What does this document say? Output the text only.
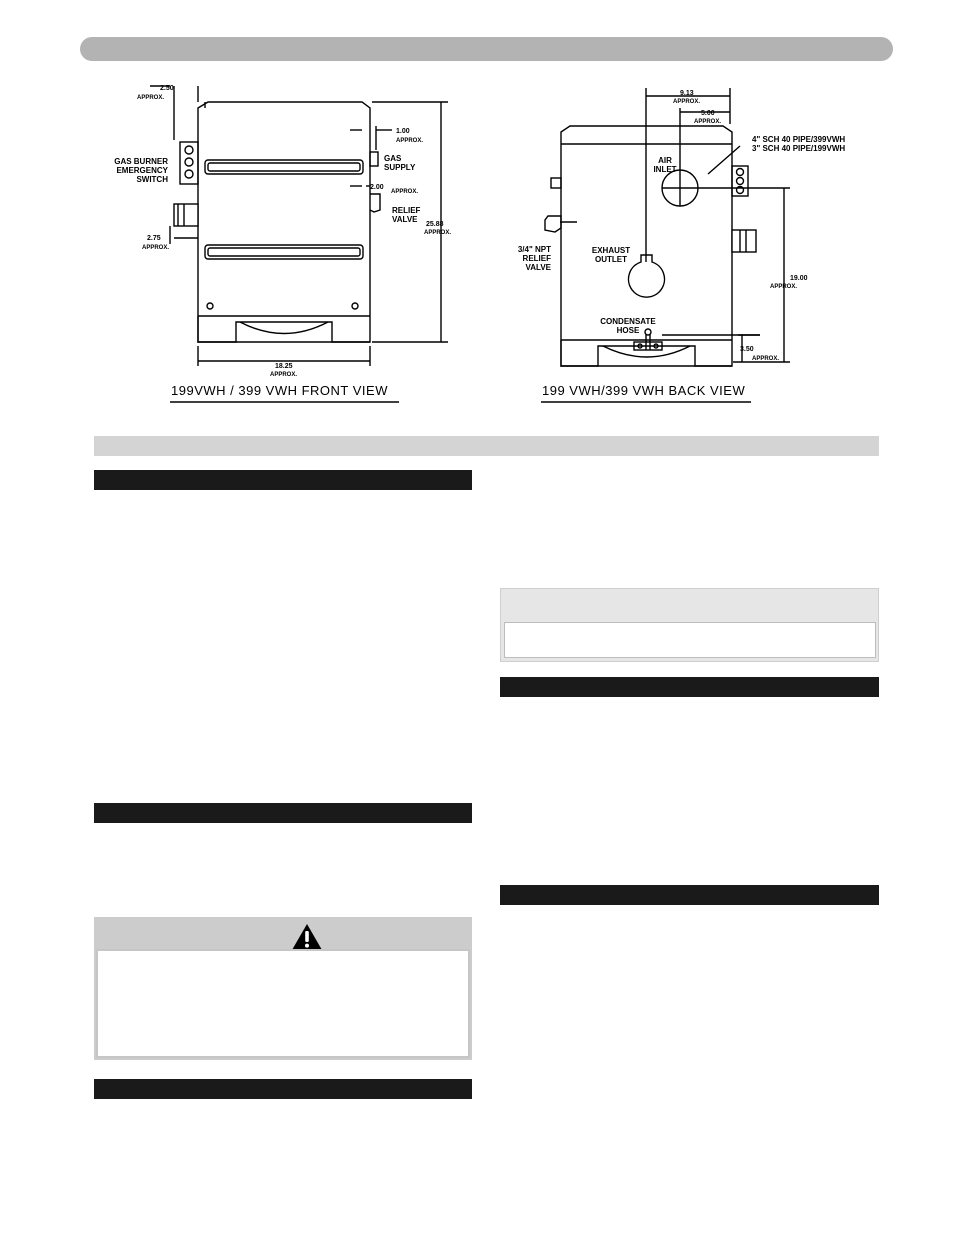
2.50
APPROX.
GAS BURNER
EMERGENCY
SWITCH
2.75
APPROX.
1.00
APPROX.
GAS
SUPPLY
2.00
APPROX.
RELIEF
VALVE
25.88
APPROX.
18.25
APPROX.
199VWH / 399 VWH FRONT VIEW
9.13
APPROX.
5.00
APPROX.
4" SCH 40 PIPE/399VWH
3" SCH 40 PIPE/199VWH
AIR
INLET
3/4" NPT
RELIEF
VALVE
EXHAUST
OUTLET
19.00
APPROX.
CONDENSATE
HOSE
3.50
APPROX.
199 VWH/399 VWH BACK VIEW
